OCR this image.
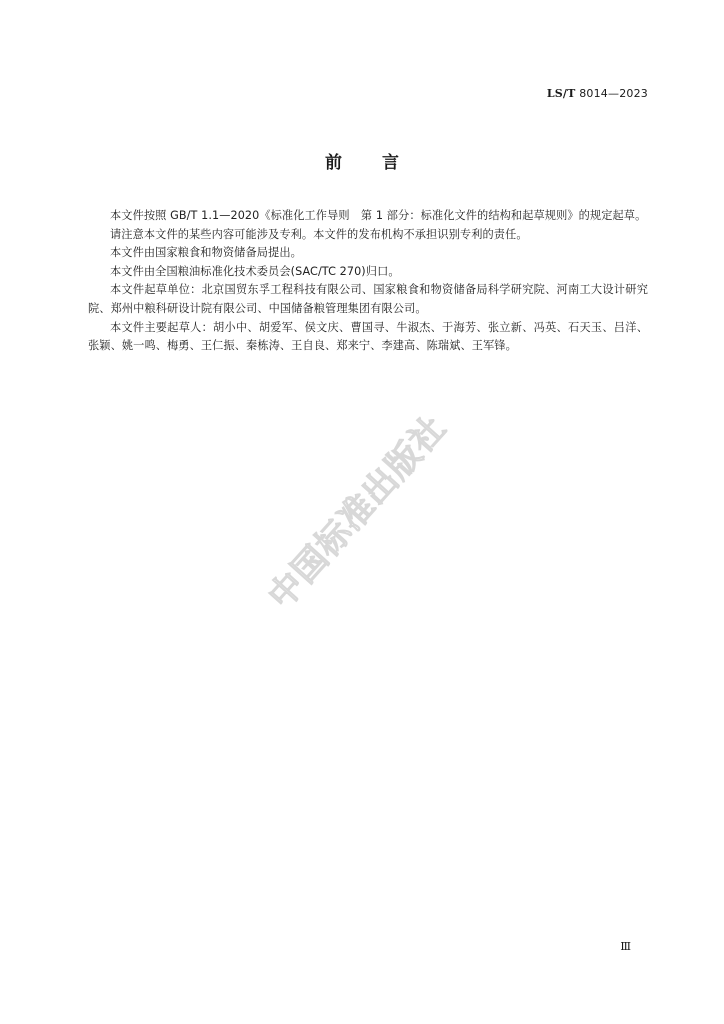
LS/T 8014—2023
前言

本文件按照 GB/T 1.1—2020《标准化工作导则　第 1 部分：标准化文件的结构和起草规则》的规定起草。

请注意本文件的某些内容可能涉及专利。本文件的发布机构不承担识别专利的责任。

本文件由国家粮食和物资储备局提出。

本文件由全国粮油标准化技术委员会(SAC/TC 270)归口。

本文件起草单位：北京国贸东孚工程科技有限公司、国家粮食和物资储备局科学研究院、河南工大设计研究院、郑州中粮科研设计院有限公司、中国储备粮管理集团有限公司。

本文件主要起草人：胡小中、胡爱军、侯文庆、曹国寻、牛淑杰、于海芳、张立新、冯英、石天玉、吕洋、张颖、姚一鸣、梅勇、王仁振、秦栋涛、王自良、郑来宁、李建高、陈瑞斌、王军锋。

中国标准出版社
Ⅲ
